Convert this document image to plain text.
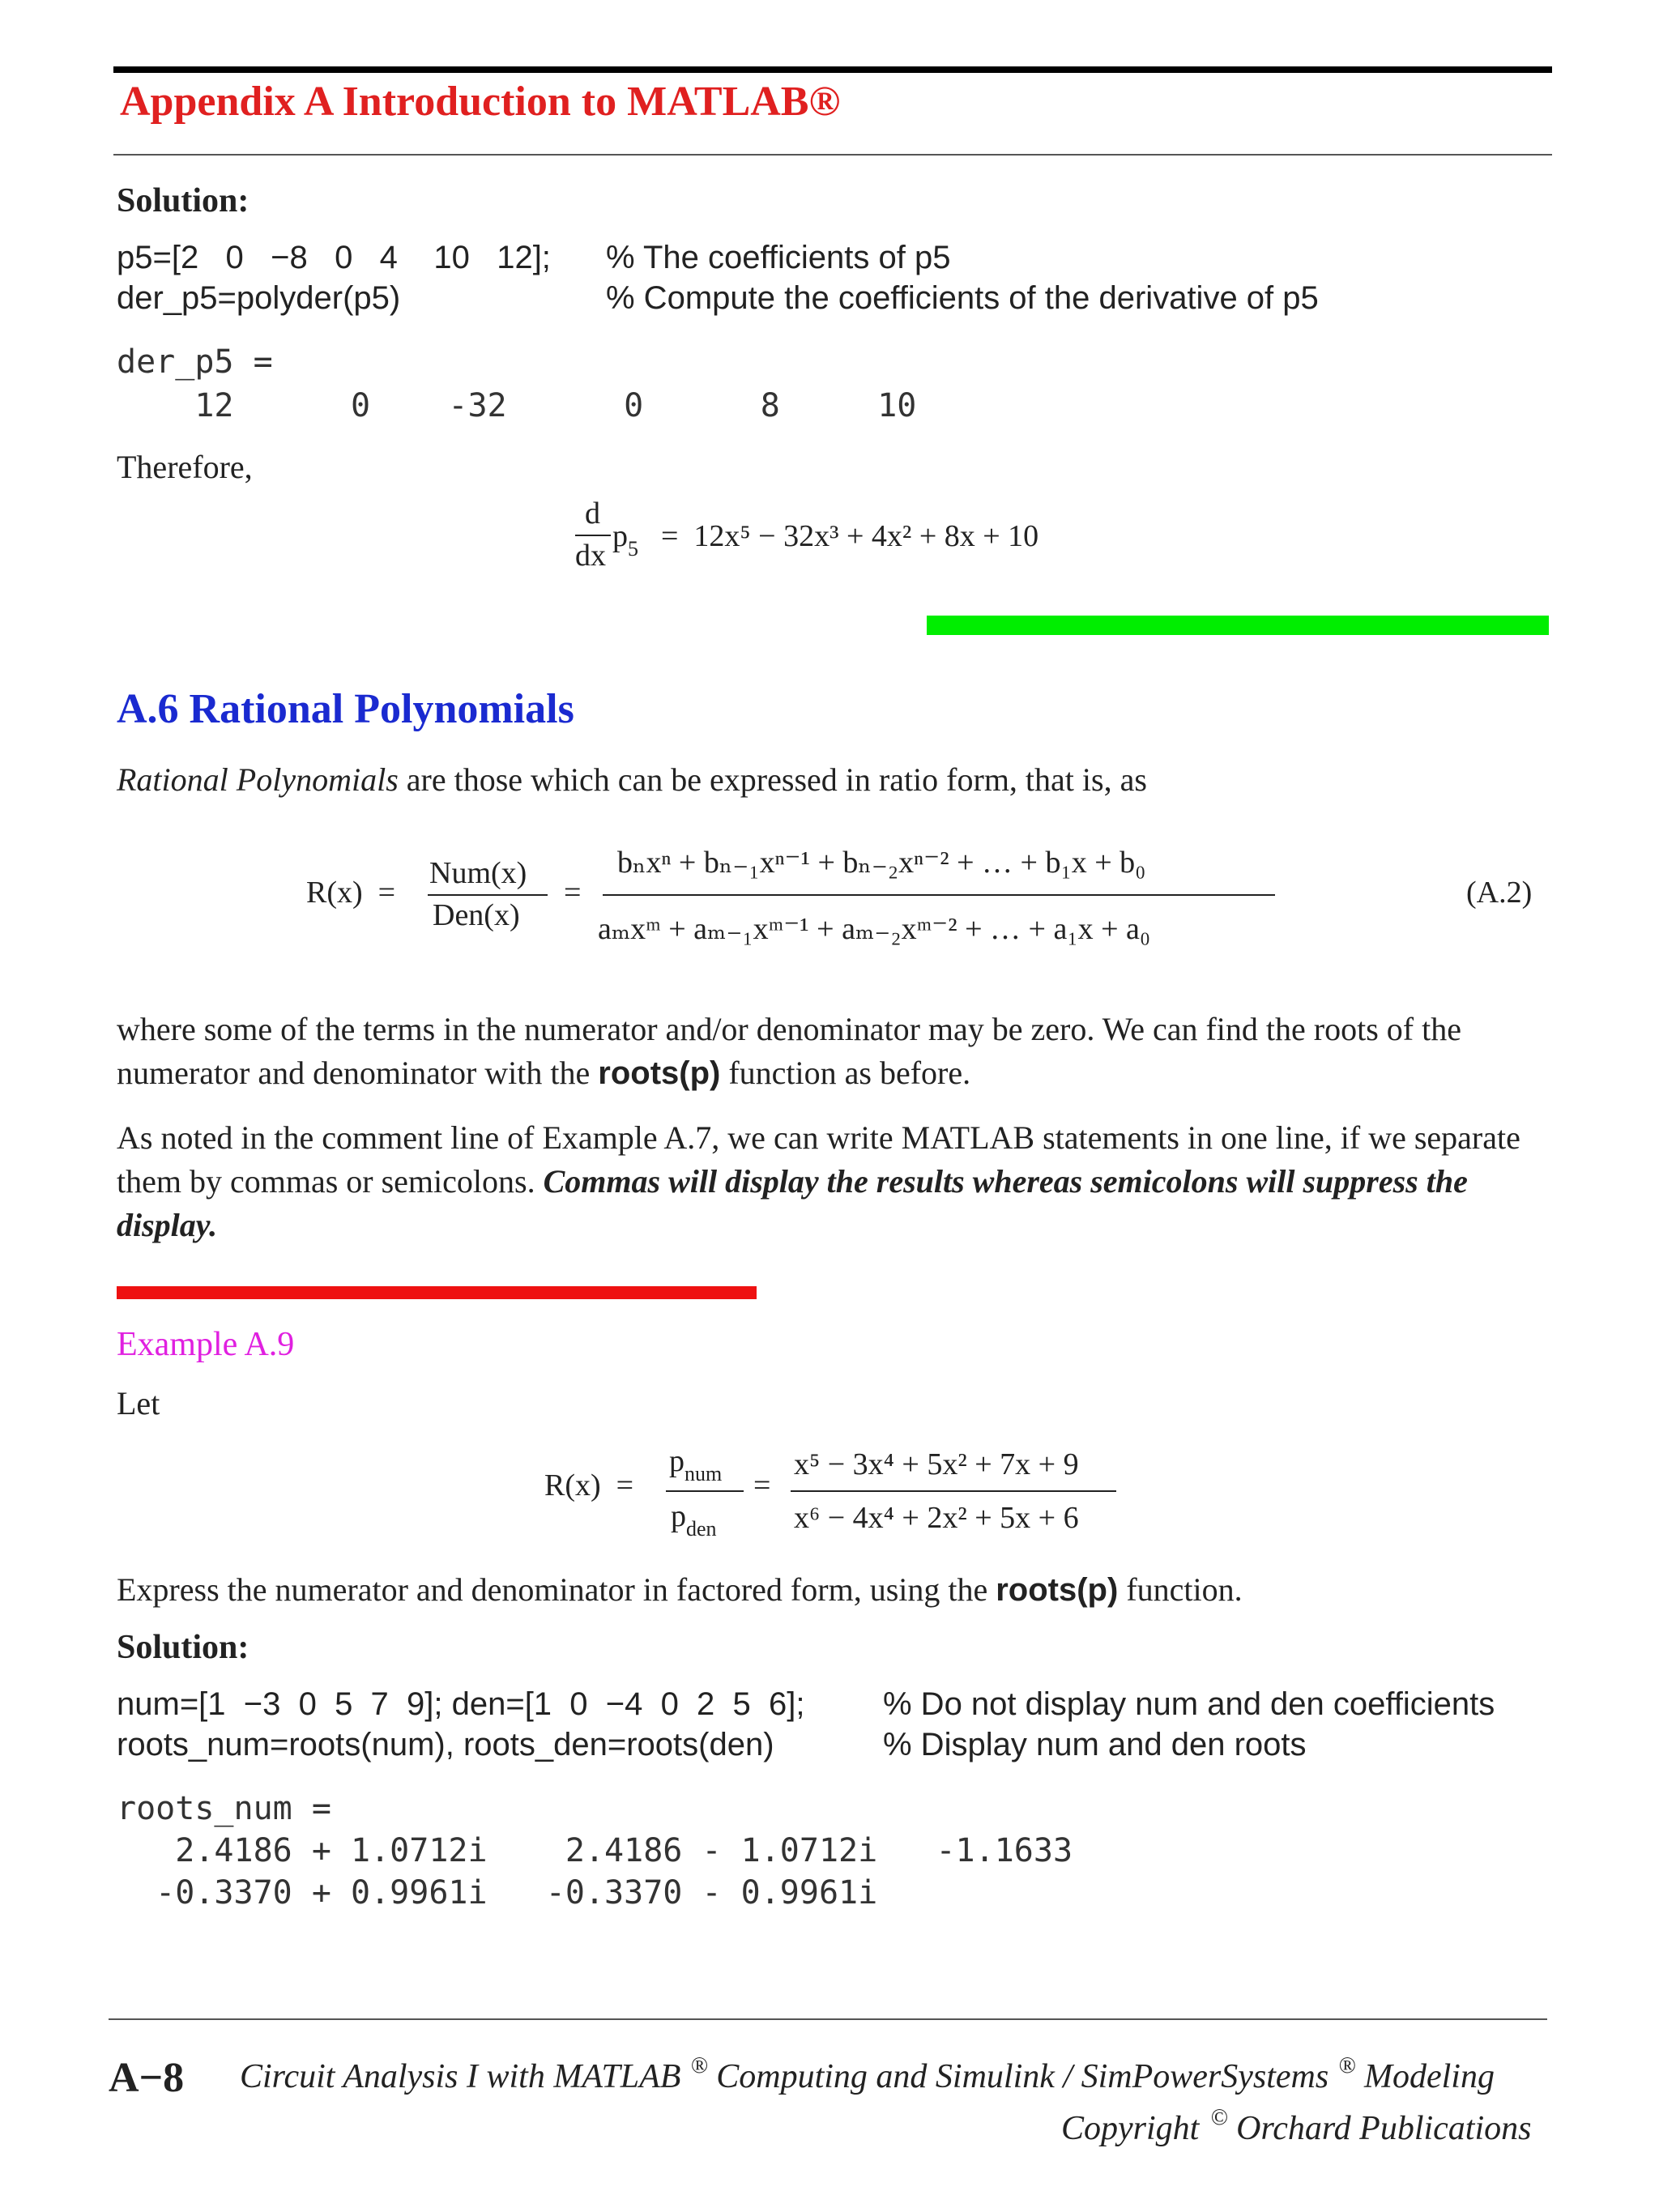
Appendix A Introduction to MATLAB®
Solution:
p5=[2   0   −8   0   4    10   12]; % The coefficients of p5
der_p5=polyder(p5)	% Compute the coefficients of the derivative of p5
der_p5 =
12      0    -32      0      8     10
Therefore,
d
dx
$p_5 = 12x^5 - 32x^3 + 4x^2 + 8x + 10$
A.6 Rational Polynomials
Rational Polynomials are those which can be expressed in ratio form, that is, as
R(x)  =
Num(x)
Den(x)
=
bₙxⁿ + bₙ₋₁xⁿ⁻¹ + bₙ₋₂xⁿ⁻² + … + b₁x + b₀
aₘxᵐ + aₘ₋₁xᵐ⁻¹ + aₘ₋₂xᵐ⁻² + … + a₁x + a₀
(A.2)
where some of the terms in the numerator and/or denominator may be zero. We can find the roots of the numerator and denominator with the roots(p) function as before.
As noted in the comment line of Example A.7, we can write MATLAB statements in one line, if we separate them by commas or semicolons. Commas will display the results whereas semicolons will suppress the display.
Example A.9
Let
R(x)  =
$p_{num}$
$p_{den}$
=
x⁵ − 3x⁴ + 5x² + 7x + 9
x⁶ − 4x⁴ + 2x² + 5x + 6
Express the numerator and denominator in factored form, using the roots(p) function.
Solution:
num=[1  −3  0  5  7  9]; den=[1  0  −4  0  2  5  6]; % Do not display num and den coefficients
roots_num=roots(num), roots_den=roots(den)	% Display num and den roots
roots_num =
2.4186 + 1.0712i    2.4186 - 1.0712i   -1.1633
-0.3370 + 0.9961i   -0.3370 - 0.9961i
A−8 Circuit Analysis I with MATLAB ® Computing and Simulink / SimPowerSystems ® Modeling
Copyright © Orchard Publications
